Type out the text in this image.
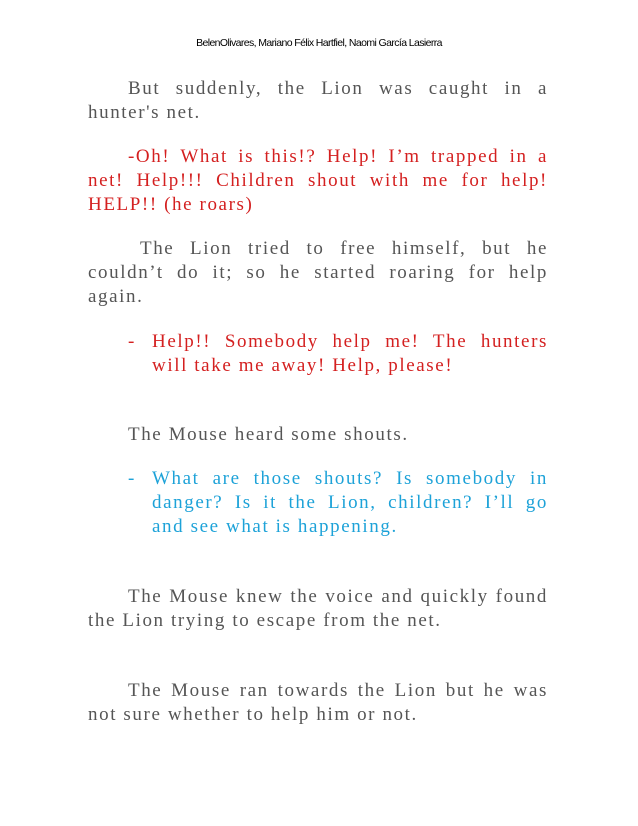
BelenOlivares, Mariano Félix Hartfiel, Naomi García Lasierra

But suddenly, the Lion was caught in a hunter's net.

-Oh! What is this!? Help! I’m trapped in a net! Help!!! Children shout with me for help! HELP!! (he roars)

The Lion tried to free himself, but he couldn’t do it; so he started roaring for help again.

- Help!! Somebody help me! The hunters will take me away! Help, please!

The Mouse heard some shouts.

- What are those shouts? Is somebody in danger? Is it the Lion, children? I’ll go and see what is happening.

The Mouse knew the voice and quickly found the Lion trying to escape from the net.

The Mouse ran towards the Lion but he was not sure whether to help him or not.
